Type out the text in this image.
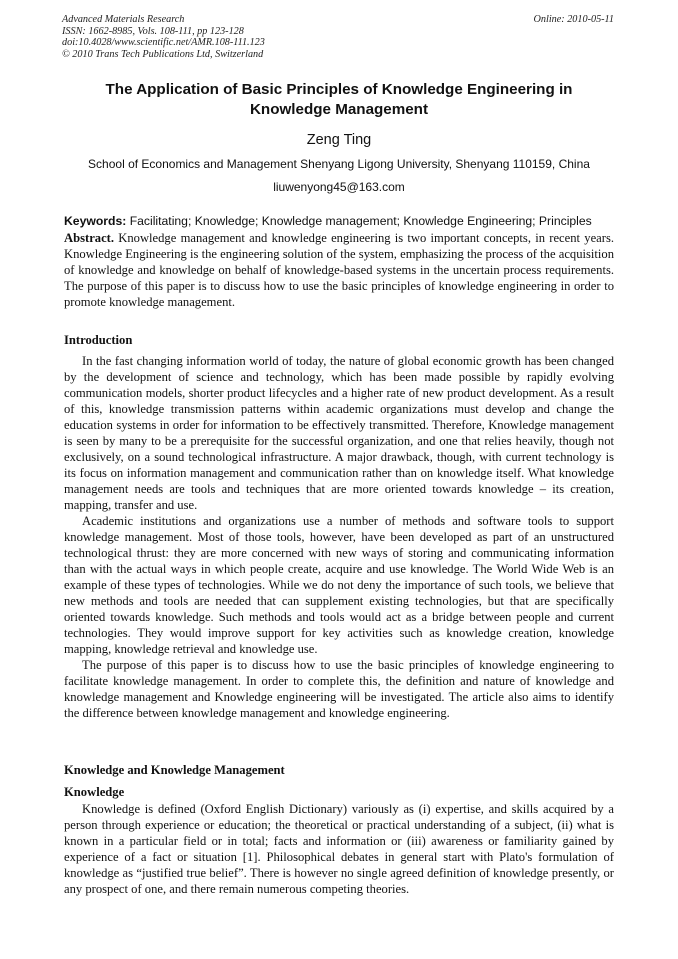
Advanced Materials Research
ISSN: 1662-8985, Vols. 108-111, pp 123-128
doi:10.4028/www.scientific.net/AMR.108-111.123
© 2010 Trans Tech Publications Ltd, Switzerland
Online: 2010-05-11
The Application of Basic Principles of Knowledge Engineering in Knowledge Management
Zeng Ting
School of Economics and Management Shenyang Ligong University, Shenyang 110159, China
liuwenyong45@163.com
Keywords: Facilitating; Knowledge; Knowledge management; Knowledge Engineering; Principles
Abstract. Knowledge management and knowledge engineering is two important concepts, in recent years. Knowledge Engineering is the engineering solution of the system, emphasizing the process of the acquisition of knowledge and knowledge on behalf of knowledge-based systems in the uncertain process requirements. The purpose of this paper is to discuss how to use the basic principles of knowledge engineering in order to promote knowledge management.
Introduction

In the fast changing information world of today, the nature of global economic growth has been changed by the development of science and technology, which has been made possible by rapidly evolving communication models, shorter product lifecycles and a higher rate of new product development. As a result of this, knowledge transmission patterns within academic organizations must develop and change the education systems in order for information to be effectively transmitted. Therefore, Knowledge management is seen by many to be a prerequisite for the successful organization, and one that relies heavily, though not exclusively, on a sound technological infrastructure. A major drawback, though, with current technology is its focus on information management and communication rather than on knowledge itself. What knowledge management needs are tools and techniques that are more oriented towards knowledge – its creation, mapping, transfer and use.

Academic institutions and organizations use a number of methods and software tools to support knowledge management. Most of those tools, however, have been developed as part of an unstructured technological thrust: they are more concerned with new ways of storing and communicating information than with the actual ways in which people create, acquire and use knowledge. The World Wide Web is an example of these types of technologies. While we do not deny the importance of such tools, we believe that new methods and tools are needed that can supplement existing technologies, but that are specifically oriented towards knowledge. Such methods and tools would act as a bridge between people and current technologies. They would improve support for key activities such as knowledge creation, knowledge mapping, knowledge retrieval and knowledge use.

The purpose of this paper is to discuss how to use the basic principles of knowledge engineering to facilitate knowledge management. In order to complete this, the definition and nature of knowledge and knowledge management and Knowledge engineering will be investigated. The article also aims to identify the difference between knowledge management and knowledge engineering.

Knowledge and Knowledge Management
Knowledge

Knowledge is defined (Oxford English Dictionary) variously as (i) expertise, and skills acquired by a person through experience or education; the theoretical or practical understanding of a subject, (ii) what is known in a particular field or in total; facts and information or (iii) awareness or familiarity gained by experience of a fact or situation [1]. Philosophical debates in general start with Plato's formulation of knowledge as “justified true belief”. There is however no single agreed definition of knowledge presently, or any prospect of one, and there remain numerous competing theories.
